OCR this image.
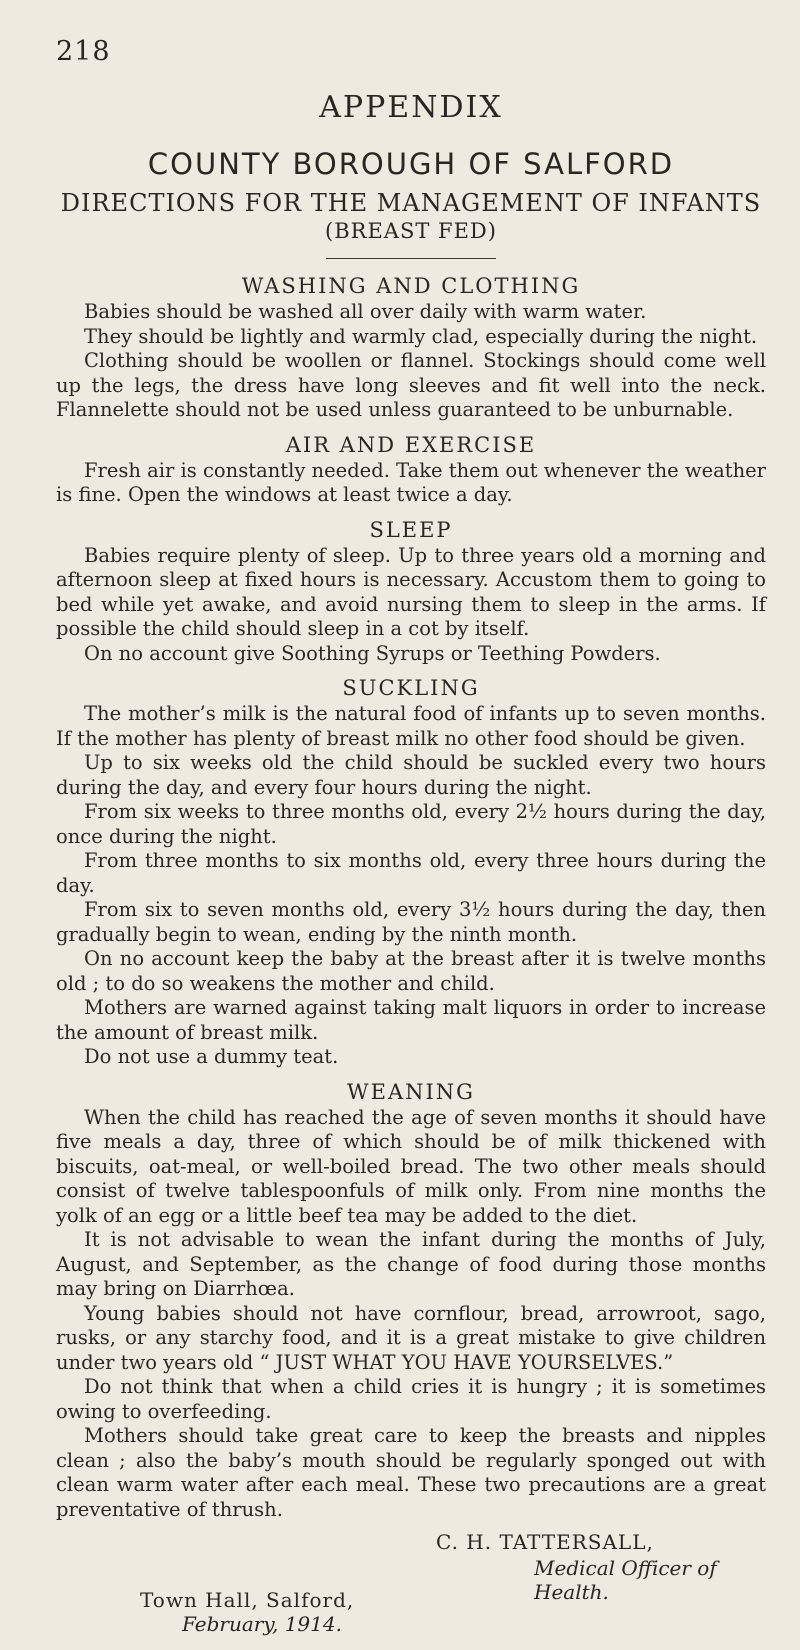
218
APPENDIX
COUNTY BOROUGH OF SALFORD
DIRECTIONS FOR THE MANAGEMENT OF INFANTS
(BREAST FED)
WASHING AND CLOTHING

Babies should be washed all over daily with warm water.

They should be lightly and warmly clad, especially during the night.

Clothing should be woollen or flannel. Stockings should come well up the legs, the dress have long sleeves and fit well into the neck. Flannelette should not be used unless guaranteed to be unburnable.

AIR AND EXERCISE

Fresh air is constantly needed. Take them out whenever the weather is fine. Open the windows at least twice a day.

SLEEP

Babies require plenty of sleep. Up to three years old a morning and afternoon sleep at fixed hours is necessary. Accustom them to going to bed while yet awake, and avoid nursing them to sleep in the arms. If possible the child should sleep in a cot by itself.

On no account give Soothing Syrups or Teething Powders.

SUCKLING

The mother’s milk is the natural food of infants up to seven months. If the mother has plenty of breast milk no other food should be given.

Up to six weeks old the child should be suckled every two hours during the day, and every four hours during the night.

From six weeks to three months old, every 2½ hours during the day, once during the night.

From three months to six months old, every three hours during the day.

From six to seven months old, every 3½ hours during the day, then gradually begin to wean, ending by the ninth month.

On no account keep the baby at the breast after it is twelve months old ; to do so weakens the mother and child.

Mothers are warned against taking malt liquors in order to increase the amount of breast milk.

Do not use a dummy teat.

WEANING

When the child has reached the age of seven months it should have five meals a day, three of which should be of milk thickened with biscuits, oat-meal, or well-boiled bread. The two other meals should consist of twelve tablespoonfuls of milk only. From nine months the yolk of an egg or a little beef tea may be added to the diet.

It is not advisable to wean the infant during the months of July, August, and September, as the change of food during those months may bring on Diarrhœa.

Young babies should not have cornflour, bread, arrowroot, sago, rusks, or any starchy food, and it is a great mistake to give children under two years old “ JUST WHAT YOU HAVE YOURSELVES.”

Do not think that when a child cries it is hungry ; it is sometimes owing to overfeeding.

Mothers should take great care to keep the breasts and nipples clean ; also the baby’s mouth should be regularly sponged out with clean warm water after each meal. These two precautions are a great preventative of thrush.

C. H. TATTERSALL,
Medical Officer of Health.
Town Hall, Salford,
February, 1914.
